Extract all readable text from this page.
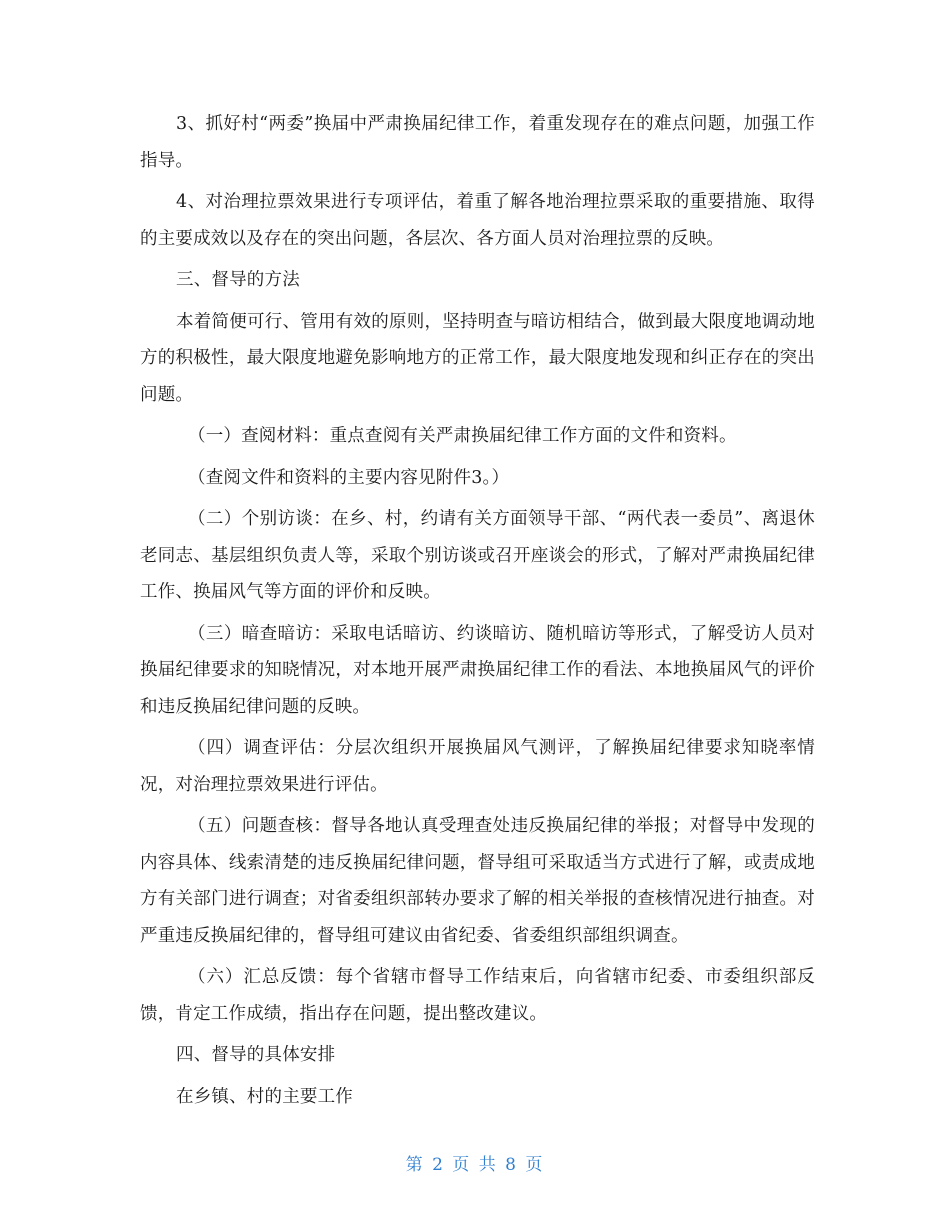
3、抓好村“两委”换届中严肃换届纪律工作，着重发现存在的难点问题，加强工作指导。

4、对治理拉票效果进行专项评估，着重了解各地治理拉票采取的重要措施、取得的主要成效以及存在的突出问题，各层次、各方面人员对治理拉票的反映。

三、督导的方法

本着简便可行、管用有效的原则，坚持明查与暗访相结合，做到最大限度地调动地方的积极性，最大限度地避免影响地方的正常工作，最大限度地发现和纠正存在的突出问题。

（一）查阅材料：重点查阅有关严肃换届纪律工作方面的文件和资料。

（查阅文件和资料的主要内容见附件3。）

（二）个别访谈：在乡、村，约请有关方面领导干部、“两代表一委员”、离退休老同志、基层组织负责人等，采取个别访谈或召开座谈会的形式，了解对严肃换届纪律工作、换届风气等方面的评价和反映。

（三）暗查暗访：采取电话暗访、约谈暗访、随机暗访等形式，了解受访人员对换届纪律要求的知晓情况，对本地开展严肃换届纪律工作的看法、本地换届风气的评价和违反换届纪律问题的反映。

（四）调查评估：分层次组织开展换届风气测评，了解换届纪律要求知晓率情况，对治理拉票效果进行评估。

（五）问题查核：督导各地认真受理查处违反换届纪律的举报；对督导中发现的内容具体、线索清楚的违反换届纪律问题，督导组可采取适当方式进行了解，或责成地方有关部门进行调查；对省委组织部转办要求了解的相关举报的查核情况进行抽查。对严重违反换届纪律的，督导组可建议由省纪委、省委组织部组织调查。

（六）汇总反馈：每个省辖市督导工作结束后，向省辖市纪委、市委组织部反馈，肯定工作成绩，指出存在问题，提出整改建议。

四、督导的具体安排

在乡镇、村的主要工作

第 2 页 共 8 页
